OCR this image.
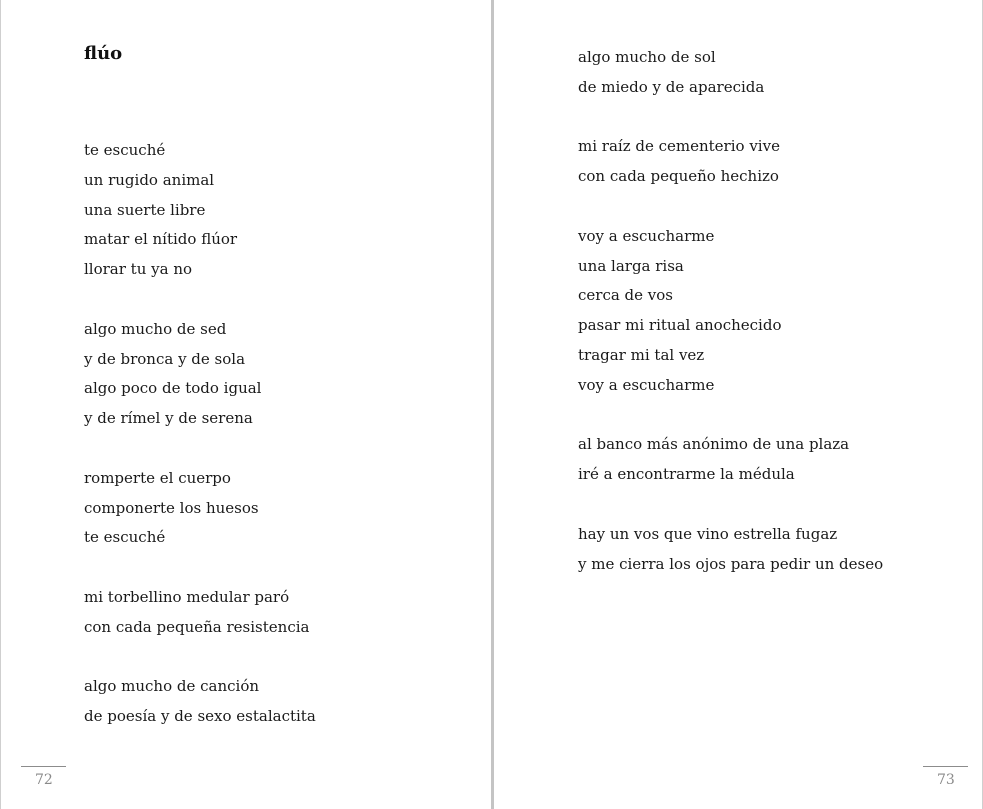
flúo
te escuché
un rugido animal
una suerte libre
matar el nítido flúor
llorar tu ya no
algo mucho de sed
y de bronca y de sola
algo poco de todo igual
y de rímel y de serena
romperte el cuerpo
componerte los huesos
te escuché
mi torbellino medular paró
con cada pequeña resistencia
algo mucho de canción
de poesía y de sexo estalactita
72
algo mucho de sol
de miedo y de aparecida
mi raíz de cementerio vive
con cada pequeño hechizo
voy a escucharme
una larga risa
cerca de vos
pasar mi ritual anochecido
tragar mi tal vez
voy a escucharme
al banco más anónimo de una plaza
iré a encontrarme la médula
hay un vos que vino estrella fugaz
y me cierra los ojos para pedir un deseo
73
